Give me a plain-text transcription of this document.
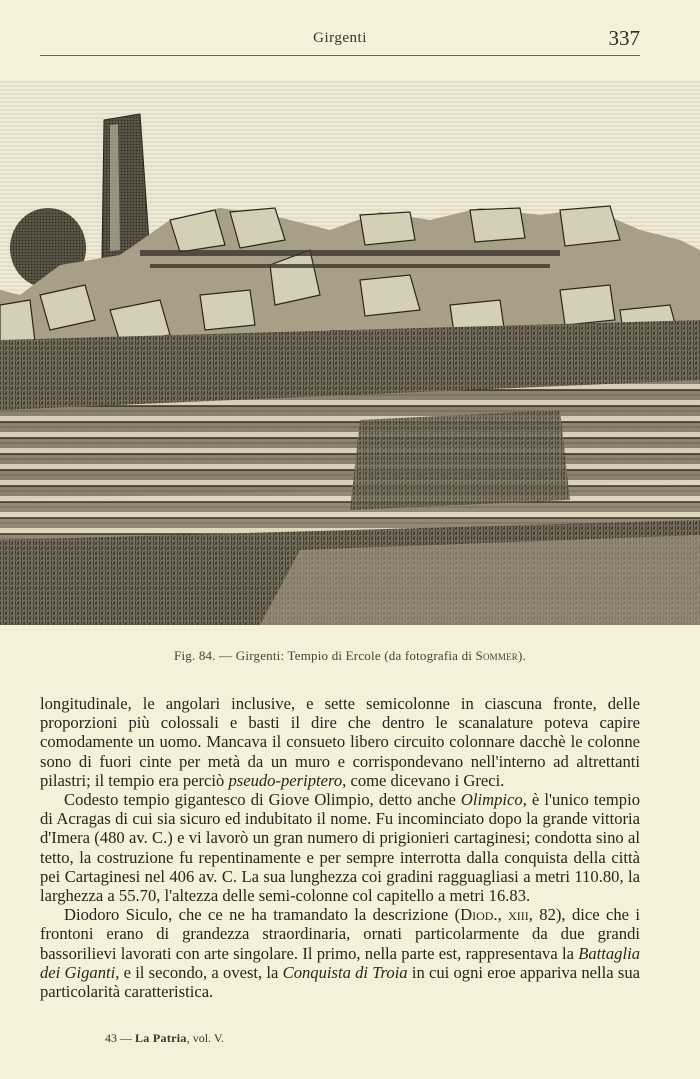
Girgenti	337
Fig. 84. — Girgenti: Tempio di Ercole (da fotografia di Sommer).

longitudinale, le angolari inclusive, e sette semicolonne in ciascuna fronte, delle proporzioni più colossali e basti il dire che dentro le scanalature poteva capire comodamente un uomo. Mancava il consueto libero circuito colonnare dacchè le colonne sono di fuori cinte per metà da un muro e corrispondevano nell'interno ad altrettanti pilastri; il tempio era perciò pseudo-periptero, come dicevano i Greci.

Codesto tempio gigantesco di Giove Olimpio, detto anche Olimpico, è l'unico tempio di Acragas di cui sia sicuro ed indubitato il nome. Fu incominciato dopo la grande vittoria d'Imera (480 av. C.) e vi lavorò un gran numero di prigionieri cartaginesi; condotta sino al tetto, la costruzione fu repentinamente e per sempre interrotta dalla conquista della città pei Cartaginesi nel 406 av. C. La sua lunghezza coi gradini ragguagliasi a metri 110.80, la larghezza a 55.70, l'altezza delle semi-colonne col capitello a metri 16.83.

Diodoro Siculo, che ce ne ha tramandato la descrizione (Diod., xiii, 82), dice che i frontoni erano di grandezza straordinaria, ornati particolarmente da due grandi bassorilievi lavorati con arte singolare. Il primo, nella parte est, rappresentava la Battaglia dei Giganti, e il secondo, a ovest, la Conquista di Troia in cui ogni eroe appariva nella sua particolarità caratteristica.

43 — La Patria, vol. V.
